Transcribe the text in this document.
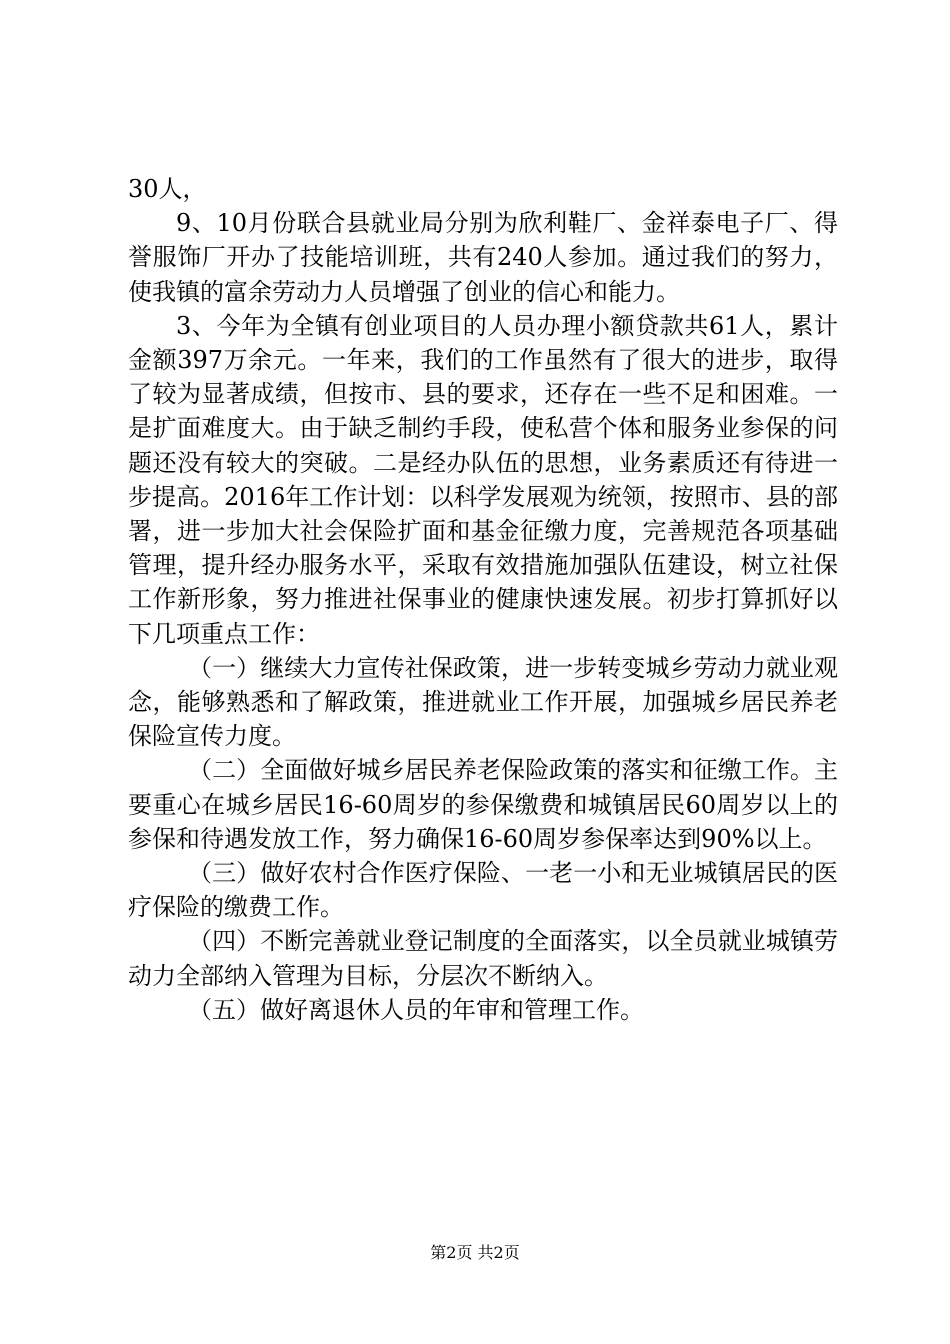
30人，

9、10月份联合县就业局分别为欣利鞋厂、金祥泰电子厂、得誉服饰厂开办了技能培训班，共有240人参加。通过我们的努力，使我镇的富余劳动力人员增强了创业的信心和能力。

3、今年为全镇有创业项目的人员办理小额贷款共61人，累计金额397万余元。一年来，我们的工作虽然有了很大的进步，取得了较为显著成绩，但按市、县的要求，还存在一些不足和困难。一是扩面难度大。由于缺乏制约手段，使私营个体和服务业参保的问题还没有较大的突破。二是经办队伍的思想，业务素质还有待进一步提高。2016年工作计划：以科学发展观为统领，按照市、县的部署，进一步加大社会保险扩面和基金征缴力度，完善规范各项基础管理，提升经办服务水平，采取有效措施加强队伍建设，树立社保工作新形象，努力推进社保事业的健康快速发展。初步打算抓好以下几项重点工作：

（一）继续大力宣传社保政策，进一步转变城乡劳动力就业观念，能够熟悉和了解政策，推进就业工作开展，加强城乡居民养老保险宣传力度。

（二）全面做好城乡居民养老保险政策的落实和征缴工作。主要重心在城乡居民16-60周岁的参保缴费和城镇居民60周岁以上的参保和待遇发放工作，努力确保16-60周岁参保率达到90%以上。

（三）做好农村合作医疗保险、一老一小和无业城镇居民的医疗保险的缴费工作。

（四）不断完善就业登记制度的全面落实，以全员就业城镇劳动力全部纳入管理为目标，分层次不断纳入。

（五）做好离退休人员的年审和管理工作。

第2页 共2页
